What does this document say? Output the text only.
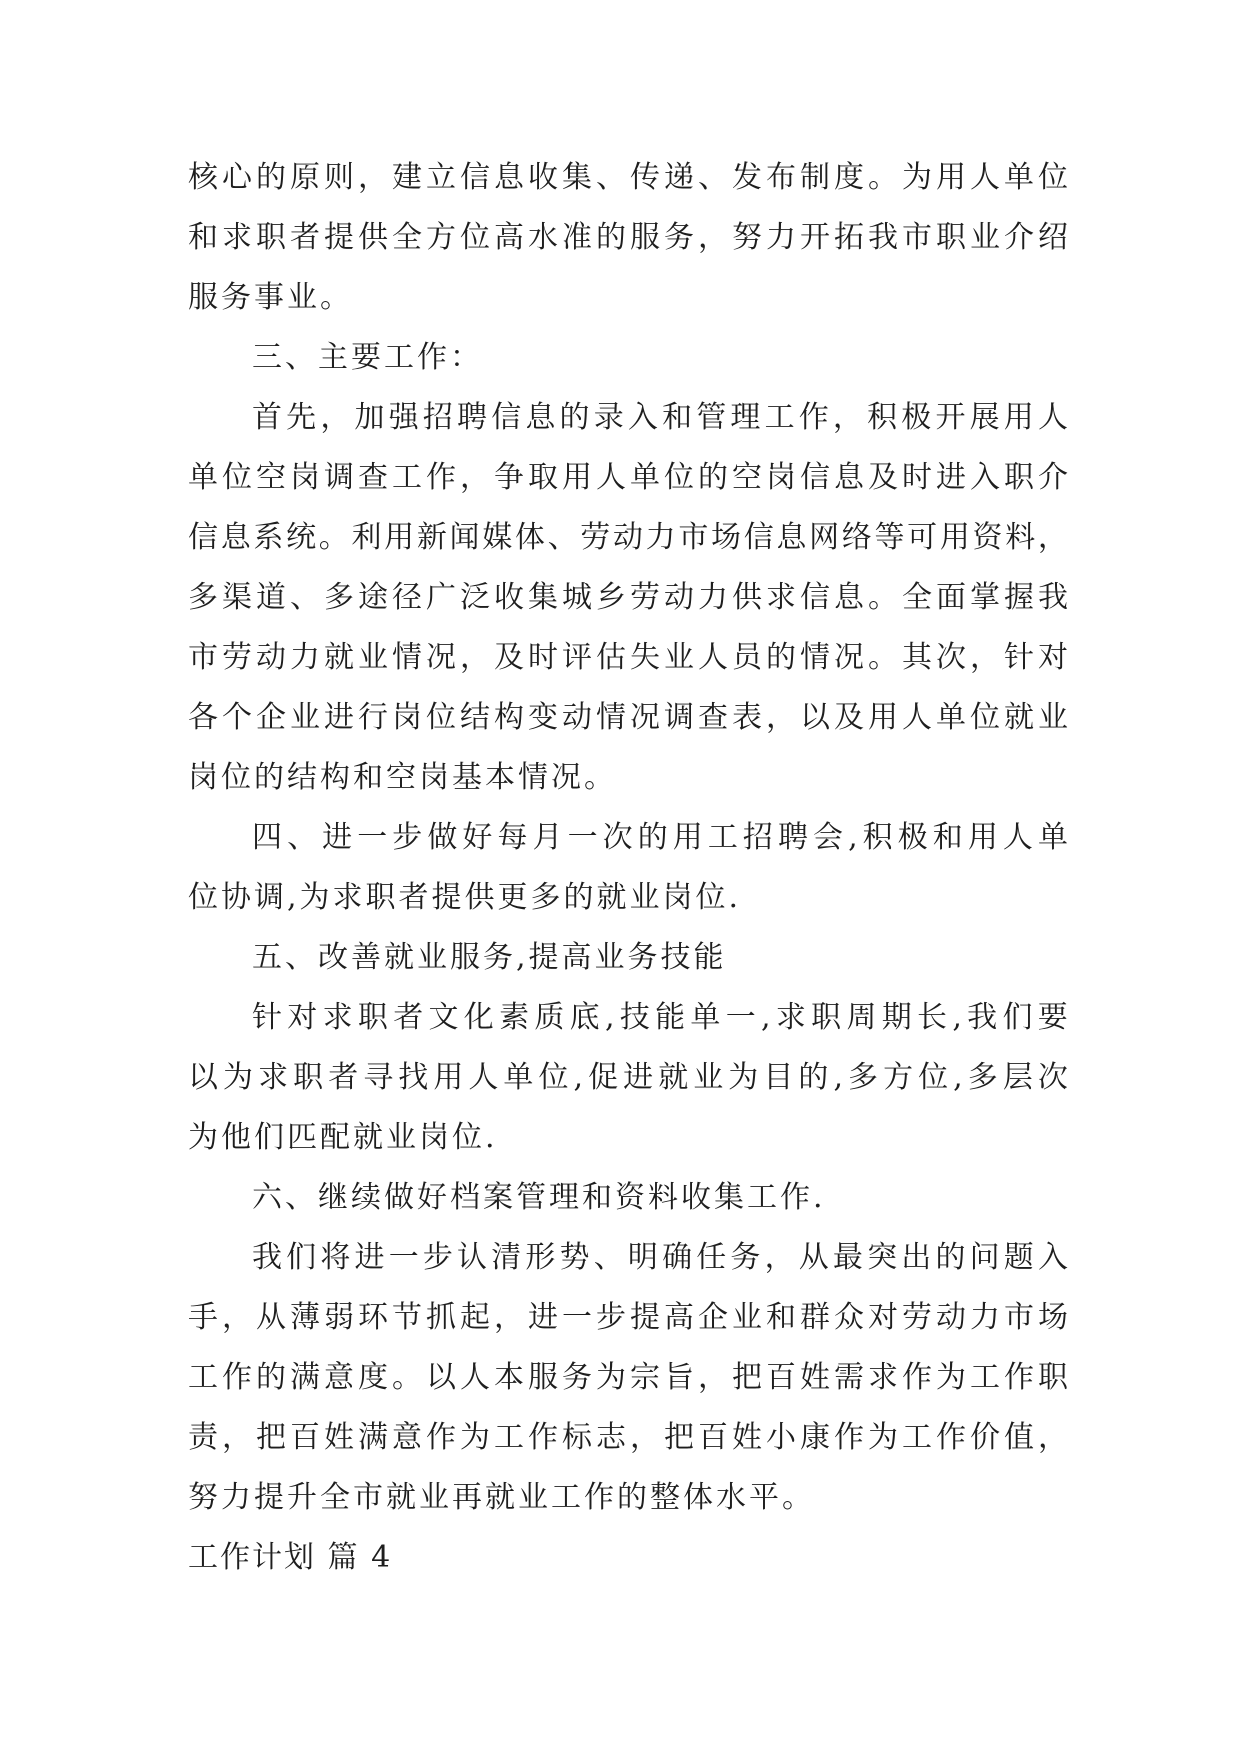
核 心 的 原 则 ， 建 立 信 息 收 集 、 传 递 、 发 布 制 度 。 为 用 人 单 位
和 求 职 者 提 供 全 方 位 高 水 准 的 服 务 ， 努 力 开 拓 我 市 职 业 介 绍
服务事业。
三、主要工作：
首 先 ， 加 强 招 聘 信 息 的 录 入 和 管 理 工 作 ， 积 极 开 展 用 人
单 位 空 岗 调 查 工 作 ， 争 取 用 人 单 位 的 空 岗 信 息 及 时 进 入 职 介
信 息 系 统 。 利 用 新 闻 媒 体 、 劳 动 力 市 场 信 息 网 络 等 可 用 资 料 ，
多 渠 道 、 多 途 径 广 泛 收 集 城 乡 劳 动 力 供 求 信 息 。 全 面 掌 握 我
市 劳 动 力 就 业 情 况 ， 及 时 评 估 失 业 人 员 的 情 况 。 其 次 ， 针 对
各 个 企 业 进 行 岗 位 结 构 变 动 情 况 调 查 表 ， 以 及 用 人 单 位 就 业
岗位的结构和空岗基本情况。
四 、 进 一 步 做 好 每 月 一 次 的 用 工 招 聘 会 , 积 极 和 用 人 单
位协调,为求职者提供更多的就业岗位.
五、改善就业服务,提高业务技能
针 对 求 职 者 文 化 素 质 底 , 技 能 单 一 , 求 职 周 期 长 , 我 们 要
以 为 求 职 者 寻 找 用 人 单 位 , 促 进 就 业 为 目 的 , 多 方 位 , 多 层 次
为他们匹配就业岗位.
六、继续做好档案管理和资料收集工作.
我 们 将 进 一 步 认 清 形 势 、 明 确 任 务 ， 从 最 突 出 的 问 题 入
手 ， 从 薄 弱 环 节 抓 起 ， 进 一 步 提 高 企 业 和 群 众 对 劳 动 力 市 场
工 作 的 满 意 度 。 以 人 本 服 务 为 宗 旨 ， 把 百 姓 需 求 作 为 工 作 职
责 ， 把 百 姓 满 意 作 为 工 作 标 志 ， 把 百 姓 小 康 作 为 工 作 价 值 ，
努力提升全市就业再就业工作的整体水平。
工作计划 篇 4
